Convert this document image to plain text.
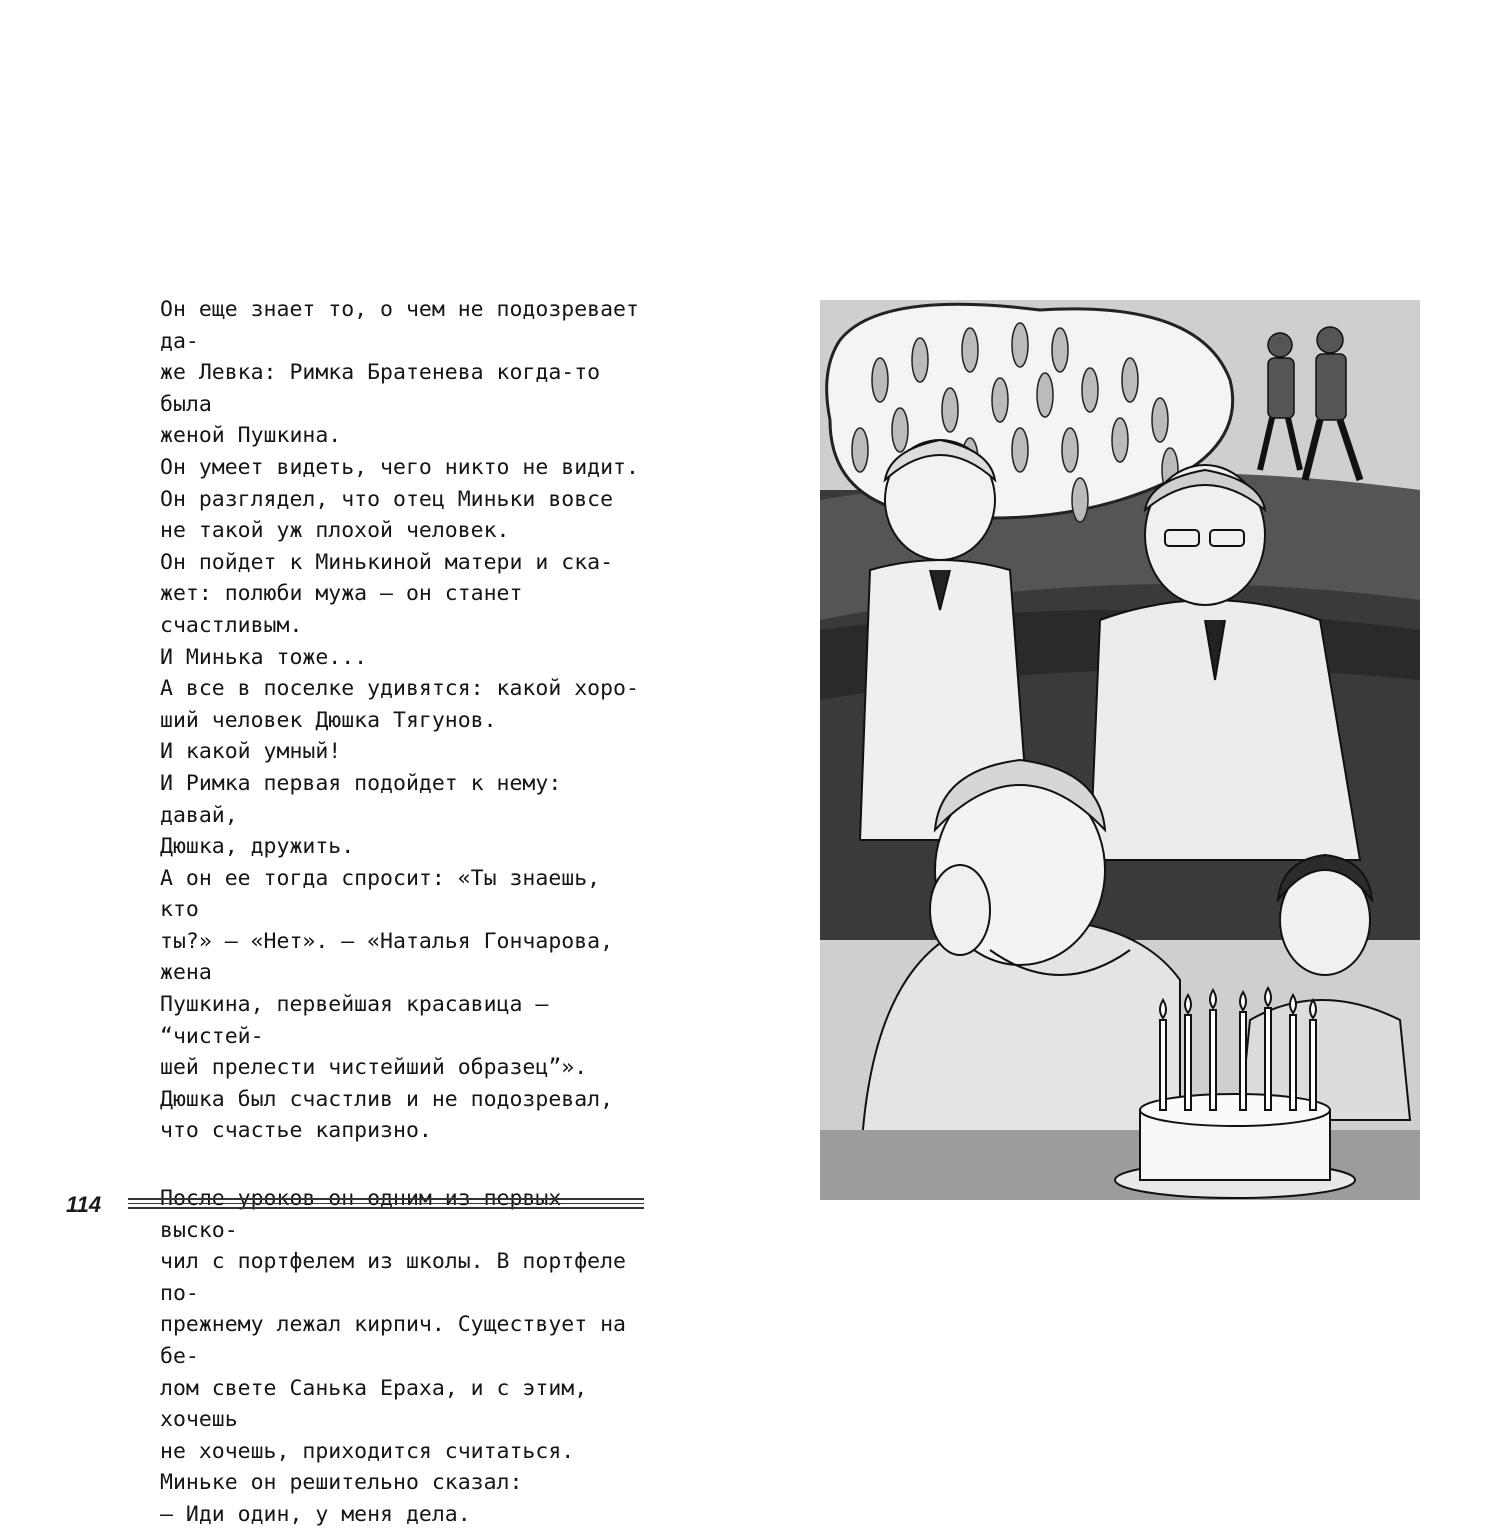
Он еще знает то, о чем не подозревает да-
же Левка: Римка Братенева когда-то была
женой Пушкина.

Он умеет видеть, чего никто не видит.

Он разглядел, что отец Миньки вовсе
не такой уж плохой человек.

Он пойдет к Минькиной матери и ска-
жет: полюби мужа – он станет счастливым.

И Минька тоже...

А все в поселке удивятся: какой хоро-
ший человек Дюшка Тягунов.

И какой умный!

И Римка первая подойдет к нему: давай,
Дюшка, дружить.

А он ее тогда спросит: «Ты знаешь, кто
ты?» – «Нет». – «Наталья Гончарова, жена
Пушкина, первейшая красавица – “чистей-
шей прелести чистейший образец”».

Дюшка был счастлив и не подозревал,
что счастье капризно.

выско-
чил с портфелем из школы. В портфеле по-
прежнему лежал кирпич. Существует на бе-
лом свете Санька Ераха, и с этим, хочешь
не хочешь, приходится считаться.

Миньке он решительно сказал:

– Иди один, у меня дела.

114
